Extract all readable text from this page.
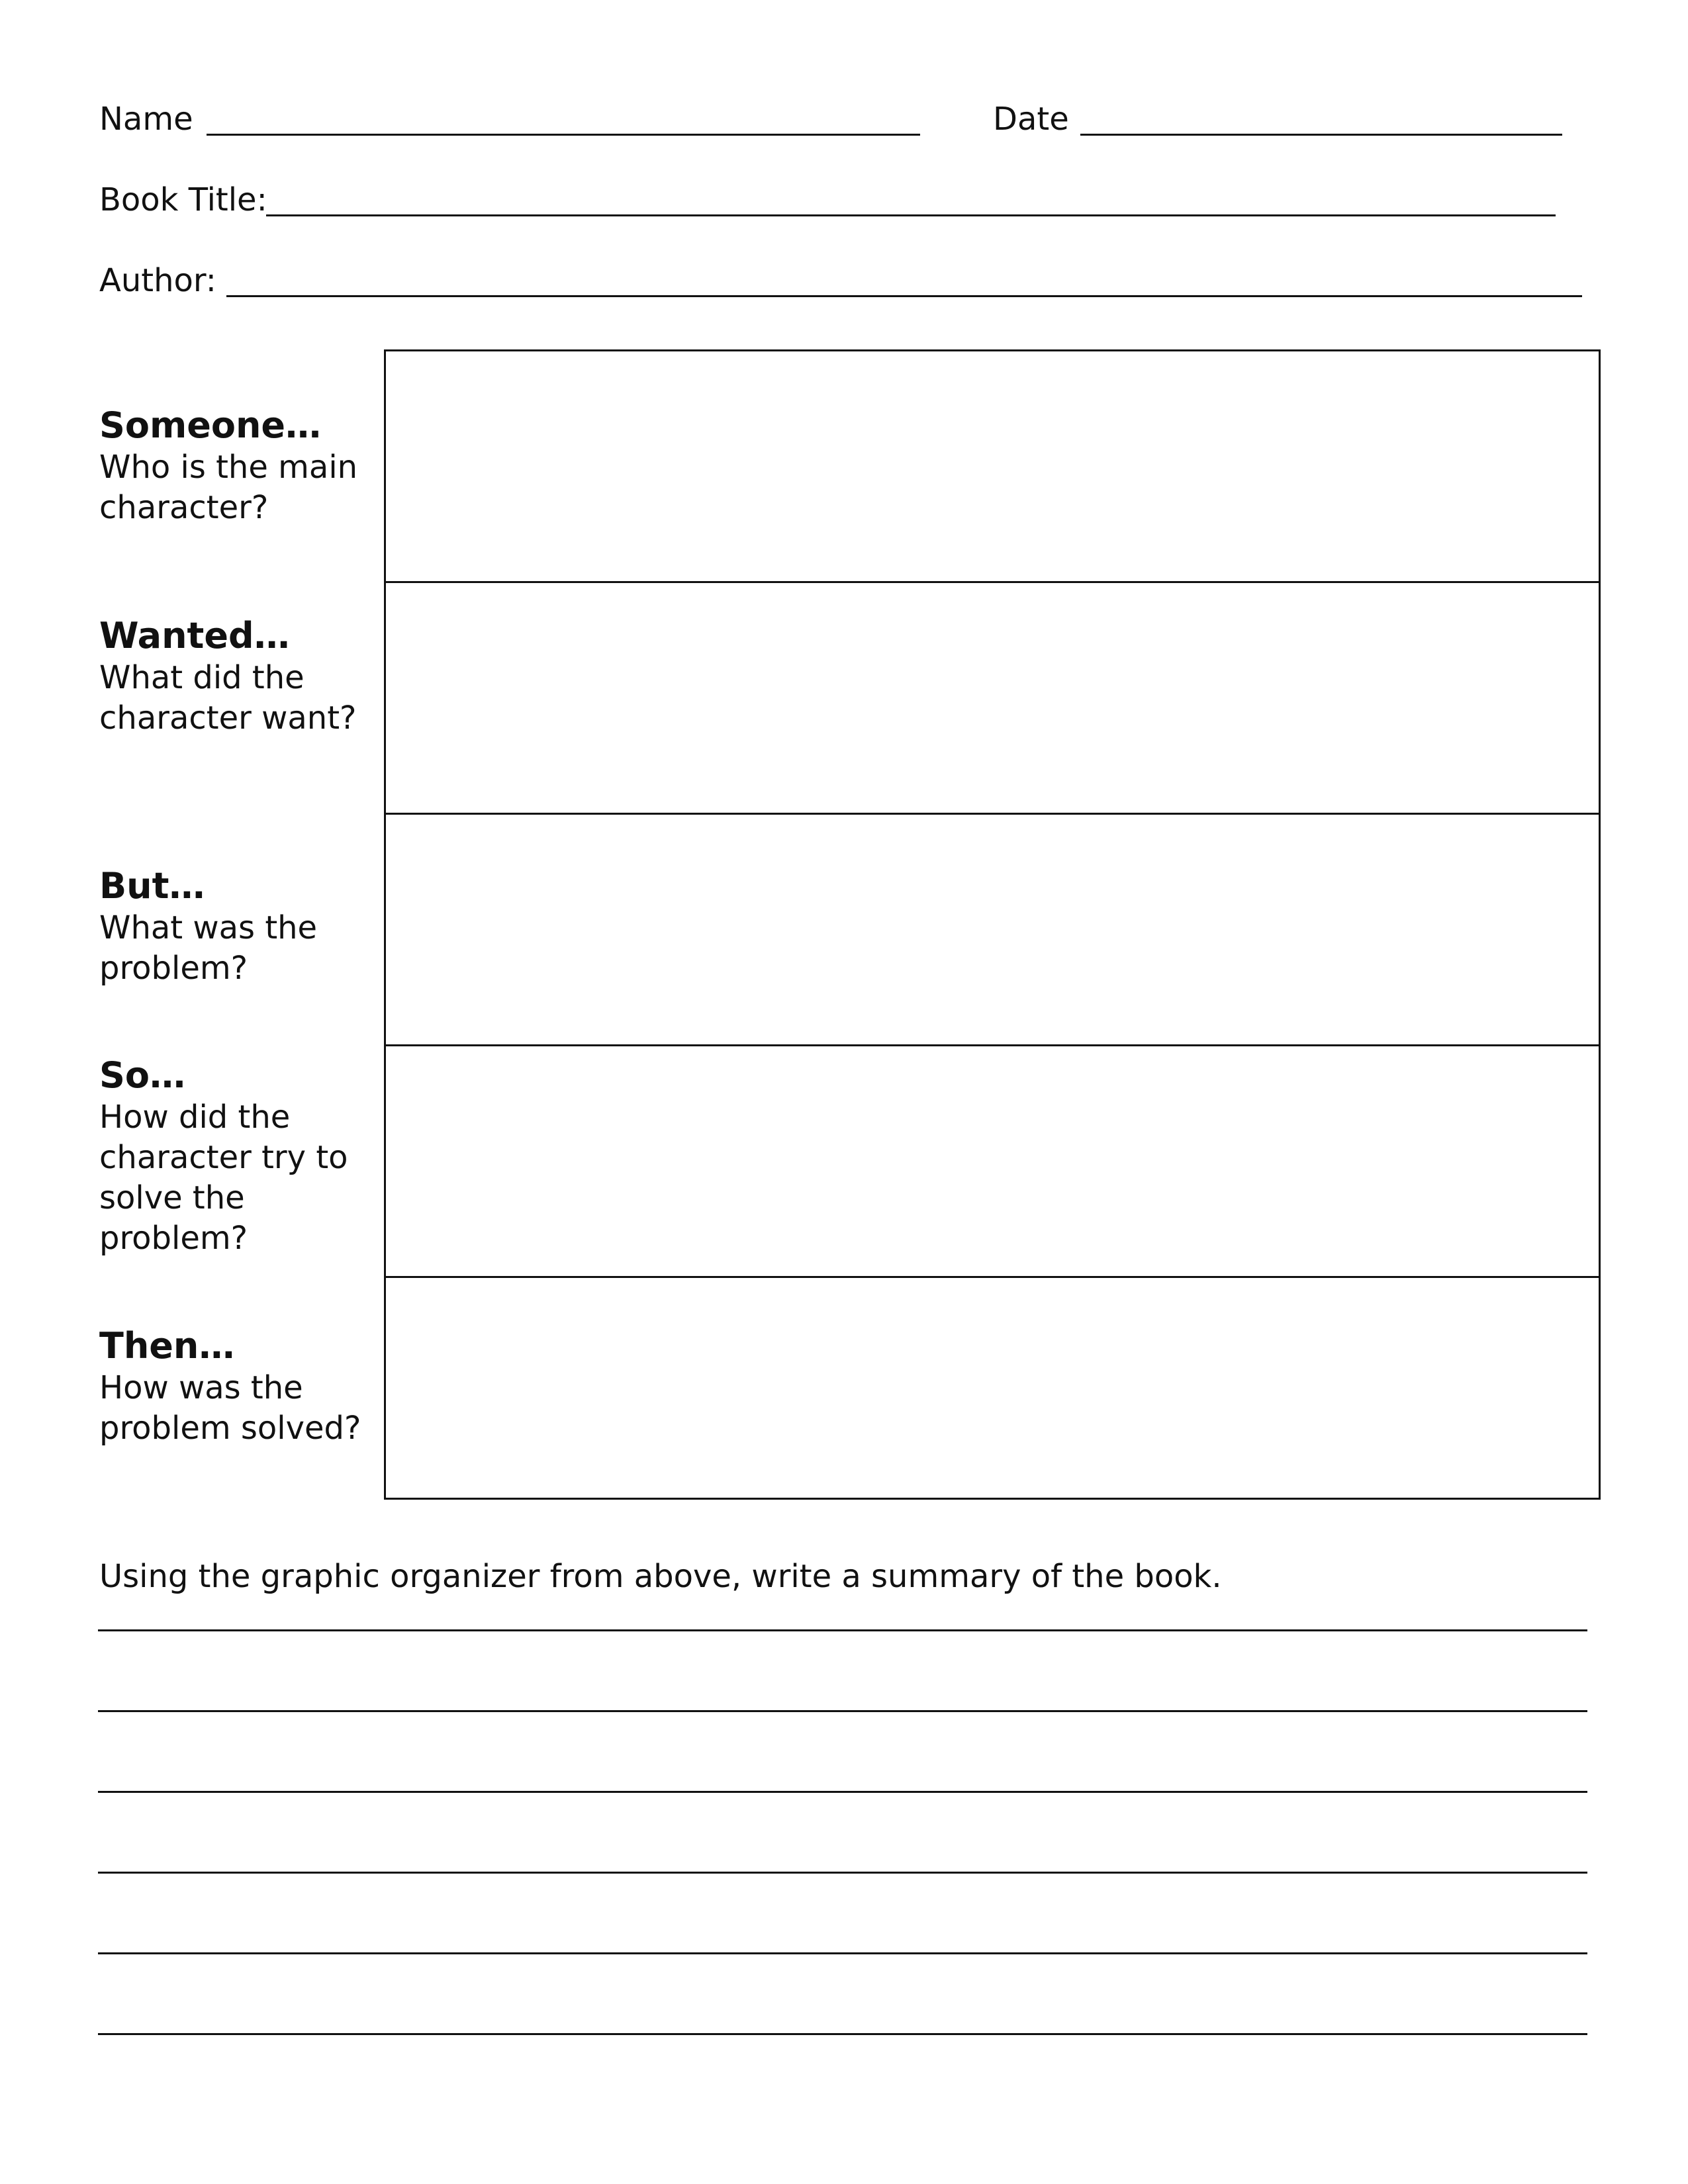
Name	Date
Book Title:
Author:
Someone…
Who is the main character?
Wanted…
What did the character want?
But…
What was the problem?
So…
How did the character try to solve the problem?
Then…
How was the problem solved?
Using the graphic organizer from above, write a summary of the book.
